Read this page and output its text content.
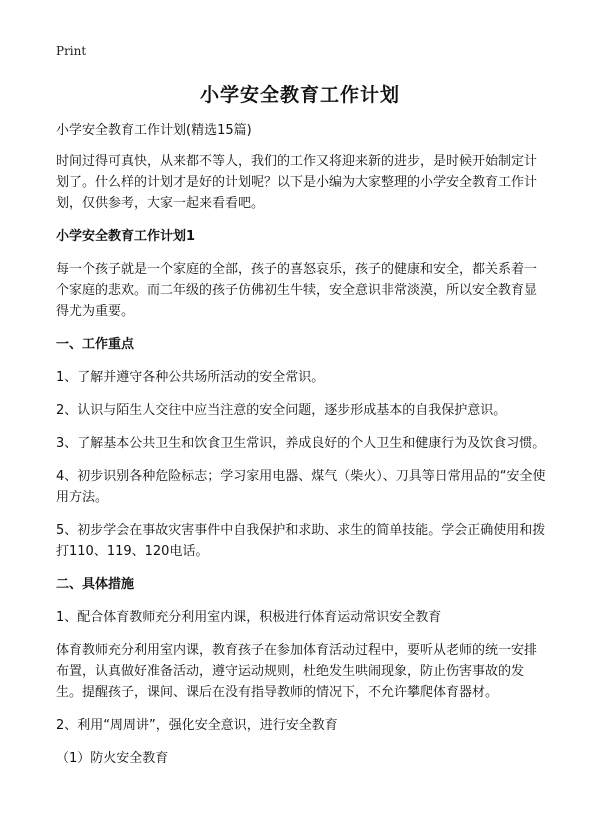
Print
小学安全教育工作计划

小学安全教育工作计划(精选15篇)

时间过得可真快，从来都不等人，我们的工作又将迎来新的进步，是时候开始制定计划了。什么样的计划才是好的计划呢？以下是小编为大家整理的小学安全教育工作计划，仅供参考，大家一起来看看吧。

小学安全教育工作计划1

每一个孩子就是一个家庭的全部，孩子的喜怒哀乐，孩子的健康和安全，都关系着一个家庭的悲欢。而二年级的孩子仿佛初生牛犊，安全意识非常淡漠，所以安全教育显得尤为重要。

一、工作重点

1、了解并遵守各种公共场所活动的安全常识。

2、认识与陌生人交往中应当注意的安全问题，逐步形成基本的自我保护意识。

3、了解基本公共卫生和饮食卫生常识，养成良好的个人卫生和健康行为及饮食习惯。

4、初步识别各种危险标志；学习家用电器、煤气（柴火）、刀具等日常用品的“安全使用方法。

5、初步学会在事故灾害事件中自我保护和求助、求生的简单技能。学会正确使用和拨打110、119、120电话。

二、具体措施

1、配合体育教师充分利用室内课，积极进行体育运动常识安全教育

体育教师充分利用室内课，教育孩子在参加体育活动过程中，要听从老师的统一安排布置，认真做好准备活动，遵守运动规则，杜绝发生哄闹现象，防止伤害事故的发生。提醒孩子，课间、课后在没有指导教师的情况下，不允许攀爬体育器材。

2、利用“周周讲”，强化安全意识，进行安全教育

（1）防火安全教育
